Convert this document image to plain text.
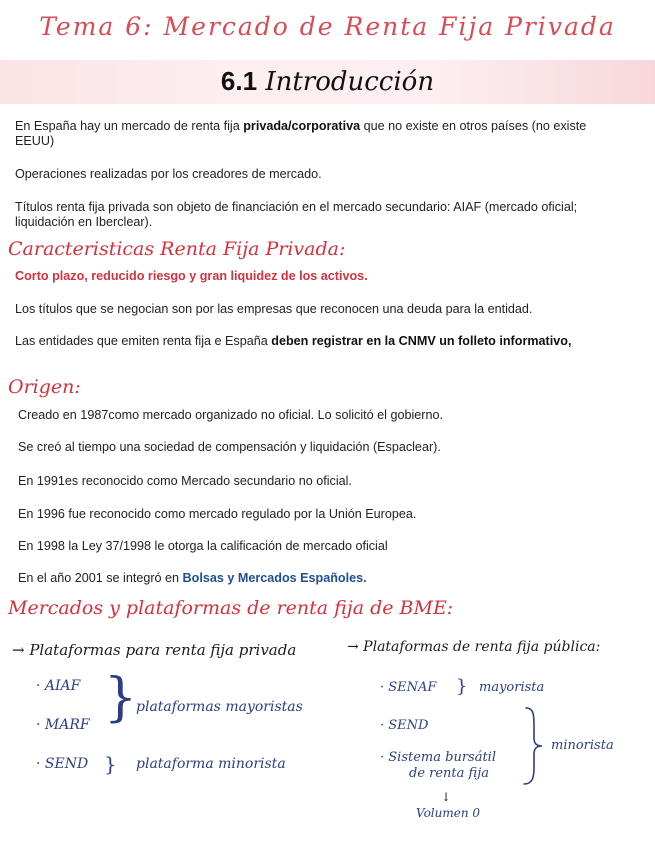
Tema 6: Mercado de Renta Fija Privada
6.1 Introducción
En España hay un mercado de renta fija privada/corporativa que no existe en otros países (no existe EEUU)
Operaciones realizadas por los creadores de mercado.
Títulos renta fija privada son objeto de financiación en el mercado secundario: AIAF (mercado oficial; liquidación en Iberclear).
Caracteristicas Renta Fija Privada:
Corto plazo, reducido riesgo y gran liquidez de los activos.
Los títulos que se negocian son por las empresas que reconocen una deuda para la entidad.
Las entidades que emiten renta fija e España deben registrar en la CNMV un folleto informativo,
Origen:
Creado en 1987como mercado organizado no oficial. Lo solicitó el gobierno.
Se creó al tiempo una sociedad de compensación y liquidación (Espaclear).
En 1991es reconocido como Mercado secundario no oficial.
En 1996 fue reconocido como mercado regulado por la Unión Europea.
En 1998 la Ley 37/1998 le otorga la calificación de mercado oficial
En el año 2001 se integró en Bolsas y Mercados Españoles.
Mercados y plataformas de renta fija de BME:
→ Plataformas para renta fija privada
· AIAF
· MARF
· SEND
}
plataformas mayoristas
} plataforma minorista
→ Plataformas de renta fija pública:
· SENAF } mayorista
· SEND
· Sistema bursátil
de renta fija
minorista
↓
Volumen 0
